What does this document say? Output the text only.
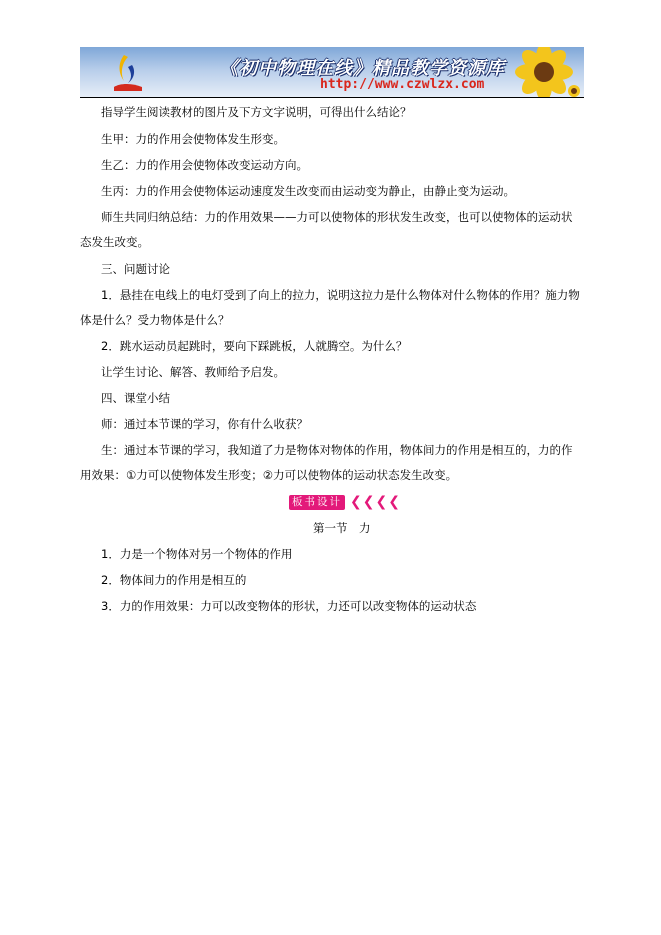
《初中物理在线》精品教学资源库
http://www.czwlzx.com
指导学生阅读教材的图片及下方文字说明，可得出什么结论？
生甲：力的作用会使物体发生形变。
生乙：力的作用会使物体改变运动方向。
生丙：力的作用会使物体运动速度发生改变而由运动变为静止，由静止变为运动。
师生共同归纳总结：力的作用效果——力可以使物体的形状发生改变，也可以使物体的运动状
态发生改变。
三、问题讨论
1．悬挂在电线上的电灯受到了向上的拉力，说明这拉力是什么物体对什么物体的作用？施力物
体是什么？受力物体是什么？
2．跳水运动员起跳时，要向下踩跳板，人就腾空。为什么？
让学生讨论、解答、教师给予启发。
四、课堂小结
师：通过本节课的学习，你有什么收获？
生：通过本节课的学习，我知道了力是物体对物体的作用，物体间力的作用是相互的，力的作
用效果：①力可以使物体发生形变；②力可以使物体的运动状态发生改变。
板书设计 ❮❮❮❮
第一节　力
1．力是一个物体对另一个物体的作用
2．物体间力的作用是相互的
3．力的作用效果：力可以改变物体的形状，力还可以改变物体的运动状态
